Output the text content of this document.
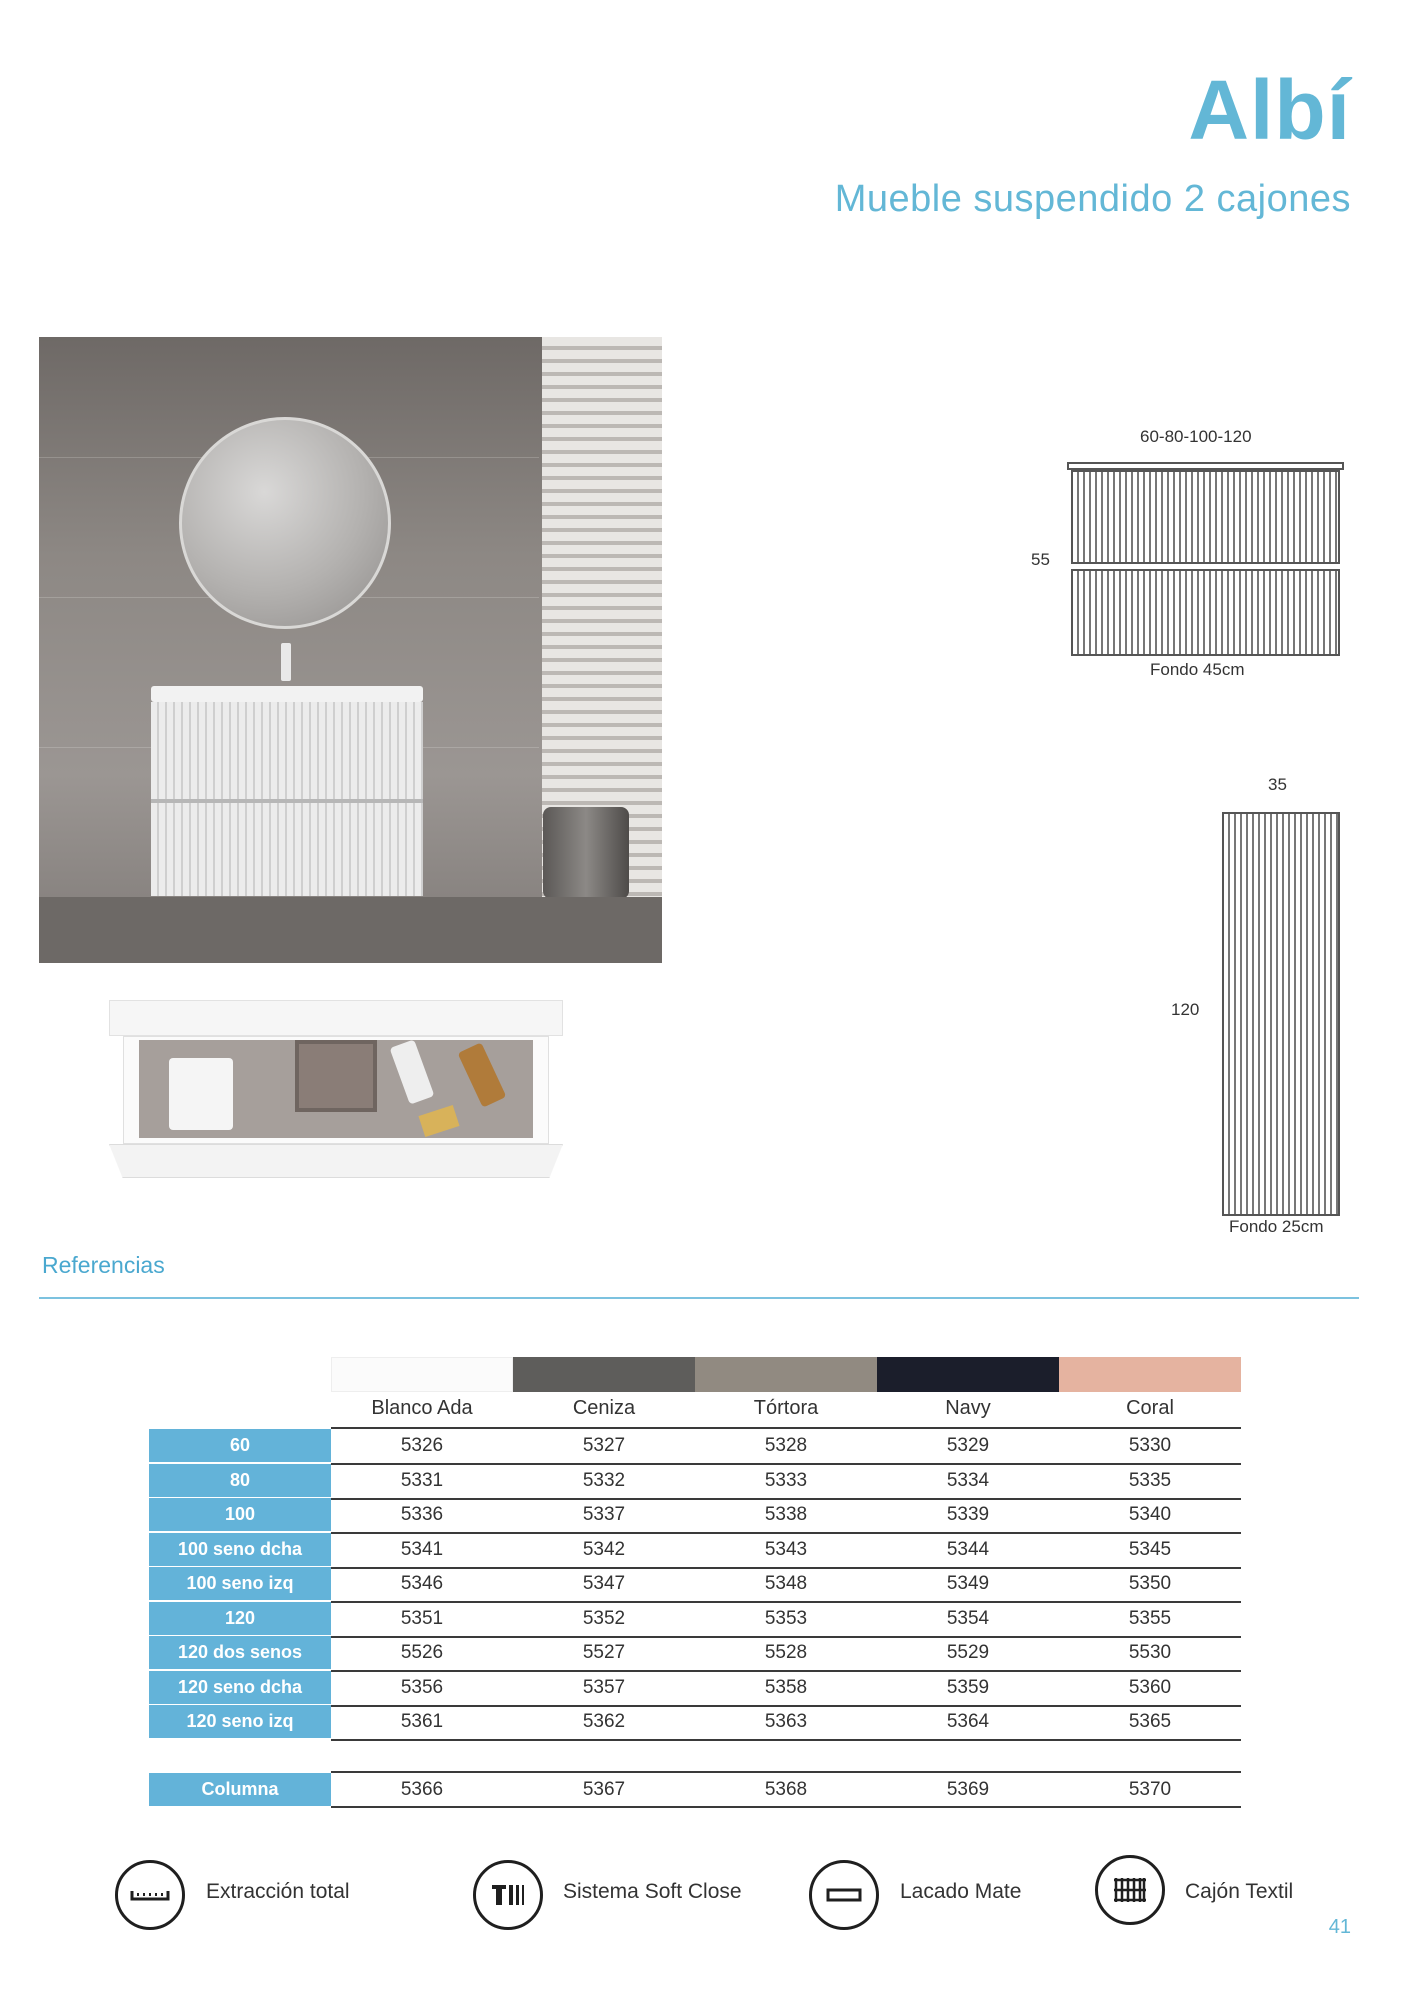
Albí
Mueble suspendido 2 cajones
60-80-100-120
55
Fondo 45cm
35
120
Fondo 25cm
Referencias
Blanco Ada	Ceniza	Tórtora	Navy	Coral
60	5326	5327	5328	5329	5330
80	5331	5332	5333	5334	5335
100	5336	5337	5338	5339	5340
100 seno dcha	5341	5342	5343	5344	5345
100 seno izq	5346	5347	5348	5349	5350
120	5351	5352	5353	5354	5355
120 dos senos	5526	5527	5528	5529	5530
120 seno dcha	5356	5357	5358	5359	5360
120 seno izq	5361	5362	5363	5364	5365
Columna	5366	5367	5368	5369	5370
Extracción total	Sistema Soft Close	Lacado Mate	Cajón Textil
41
